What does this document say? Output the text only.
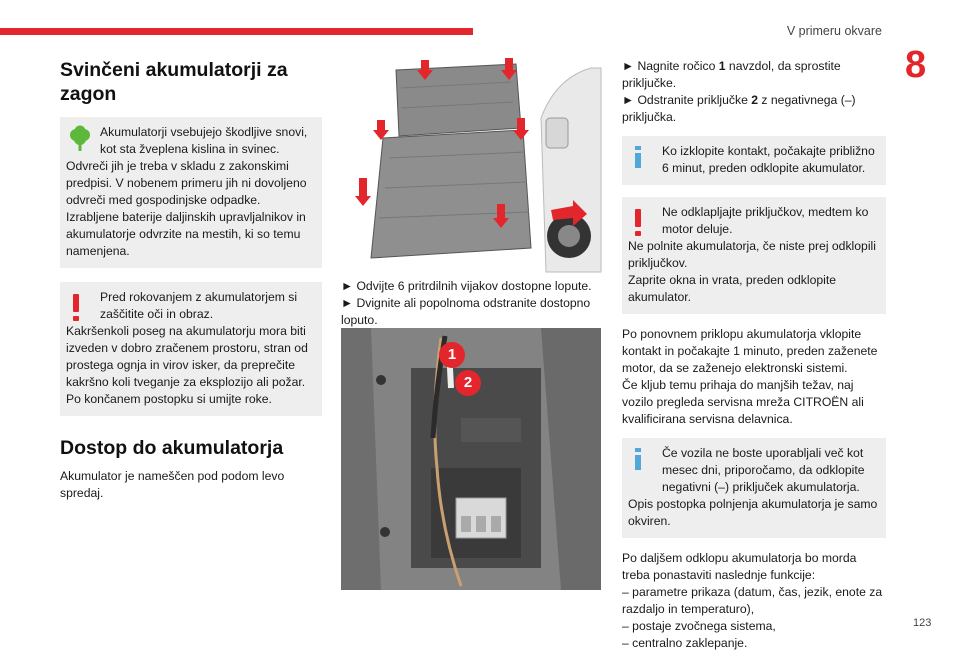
V primeru okvare
8
123
Svinčeni akumulatorji za zagon

Akumulatorji vsebujejo škodljive snovi, kot sta žveplena kislina in svinec.

Odvreči jih je treba v skladu z zakonskimi predpisi. V nobenem primeru jih ni dovoljeno odvreči med gospodinjske odpadke. Izrabljene baterije daljinskih upravljalnikov in akumulatorje odvrzite na mestih, ki so temu namenjena.

Pred rokovanjem z akumulatorjem si zaščitite oči in obraz.

Kakršenkoli poseg na akumulatorju mora biti izveden v dobro zračenem prostoru, stran od prostega ognja in virov isker, da preprečite kakršno koli tveganje za eksplozijo ali požar. Po končanem postopku si umijte roke.

Dostop do akumulatorja

Akumulator je nameščen pod podom levo spredaj.

► Odvijte 6 pritrdilnih vijakov dostopne lopute.

► Dvignite ali popolnoma odstranite dostopno loputo.

1
2

► Nagnite ročico 1 navzdol, da sprostite priključke.

► Odstranite priključke 2 z negativnega (–) priključka.

Ko izklopite kontakt, počakajte približno 6 minut, preden odklopite akumulator.

Ne odklapljajte priključkov, medtem ko motor deluje.

Ne polnite akumulatorja, če niste prej odklopili priključkov.

Zaprite okna in vrata, preden odklopite akumulator.

Po ponovnem priklopu akumulatorja vklopite kontakt in počakajte 1 minuto, preden zaženete motor, da se zaženejo elektronski sistemi.

Če kljub temu prihaja do manjših težav, naj vozilo pregleda servisna mreža CITROËN ali kvalificirana servisna delavnica.

Če vozila ne boste uporabljali več kot mesec dni, priporočamo, da odklopite negativni (–) priključek akumulatorja.

Opis postopka polnjenja akumulatorja je samo okviren.

Po daljšem odklopu akumulatorja bo morda treba ponastaviti naslednje funkcije:

– parametre prikaza (datum, čas, jezik, enote za razdaljo in temperaturo),

– postaje zvočnega sistema,

– centralno zaklepanje.
